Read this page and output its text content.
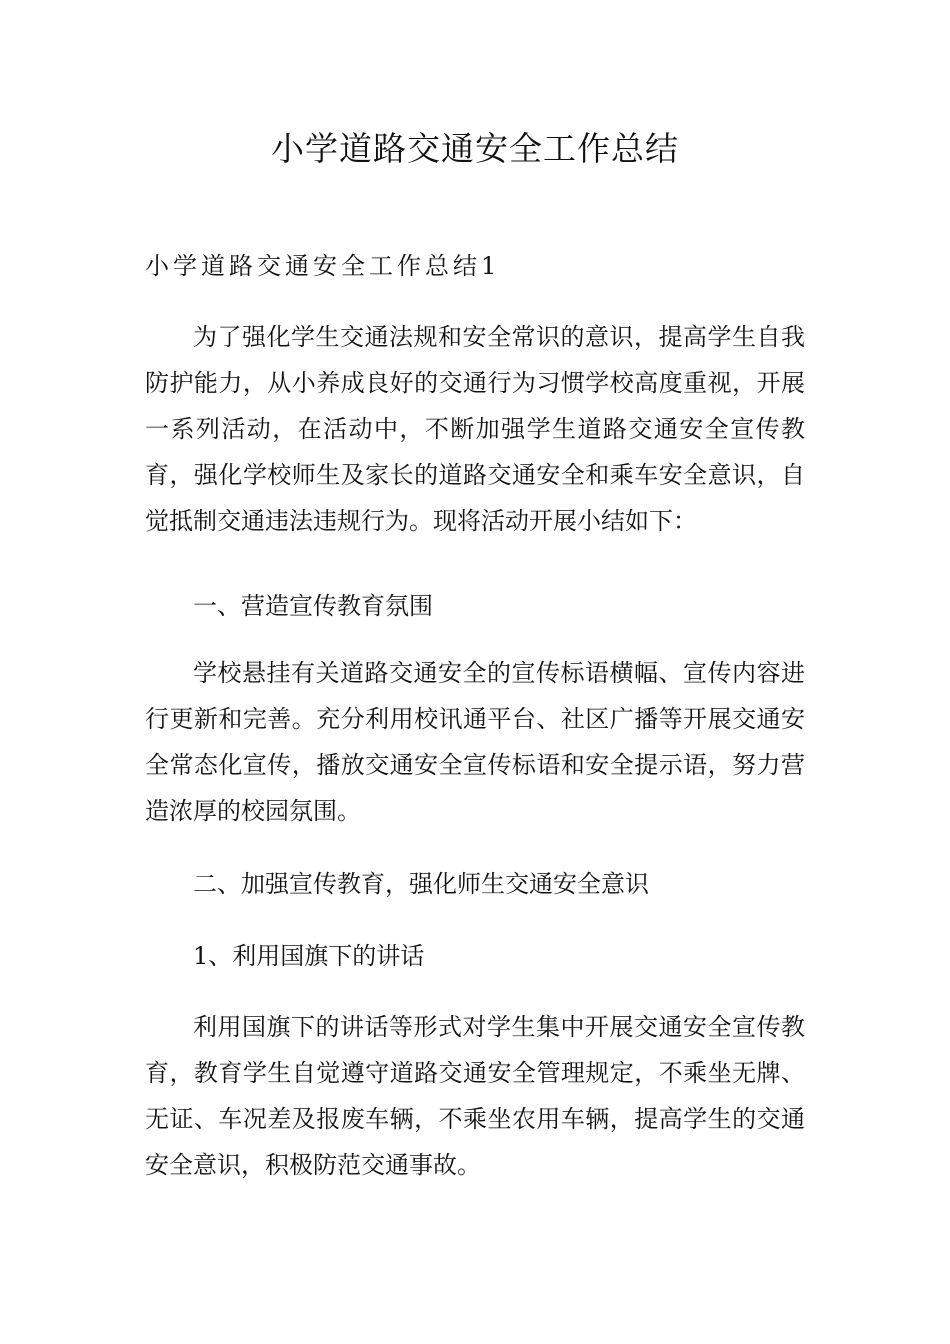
小学道路交通安全工作总结
小学道路交通安全工作总结1

为了强化学生交通法规和安全常识的意识，提高学生自我防护能力，从小养成良好的交通行为习惯学校高度重视，开展一系列活动，在活动中，不断加强学生道路交通安全宣传教育，强化学校师生及家长的道路交通安全和乘车安全意识，自觉抵制交通违法违规行为。现将活动开展小结如下：

一、营造宣传教育氛围

学校悬挂有关道路交通安全的宣传标语横幅、宣传内容进行更新和完善。充分利用校讯通平台、社区广播等开展交通安全常态化宣传，播放交通安全宣传标语和安全提示语，努力营造浓厚的校园氛围。

二、加强宣传教育，强化师生交通安全意识
1、利用国旗下的讲话

利用国旗下的讲话等形式对学生集中开展交通安全宣传教育，教育学生自觉遵守道路交通安全管理规定，不乘坐无牌、无证、车况差及报废车辆，不乘坐农用车辆，提高学生的交通安全意识，积极防范交通事故。
